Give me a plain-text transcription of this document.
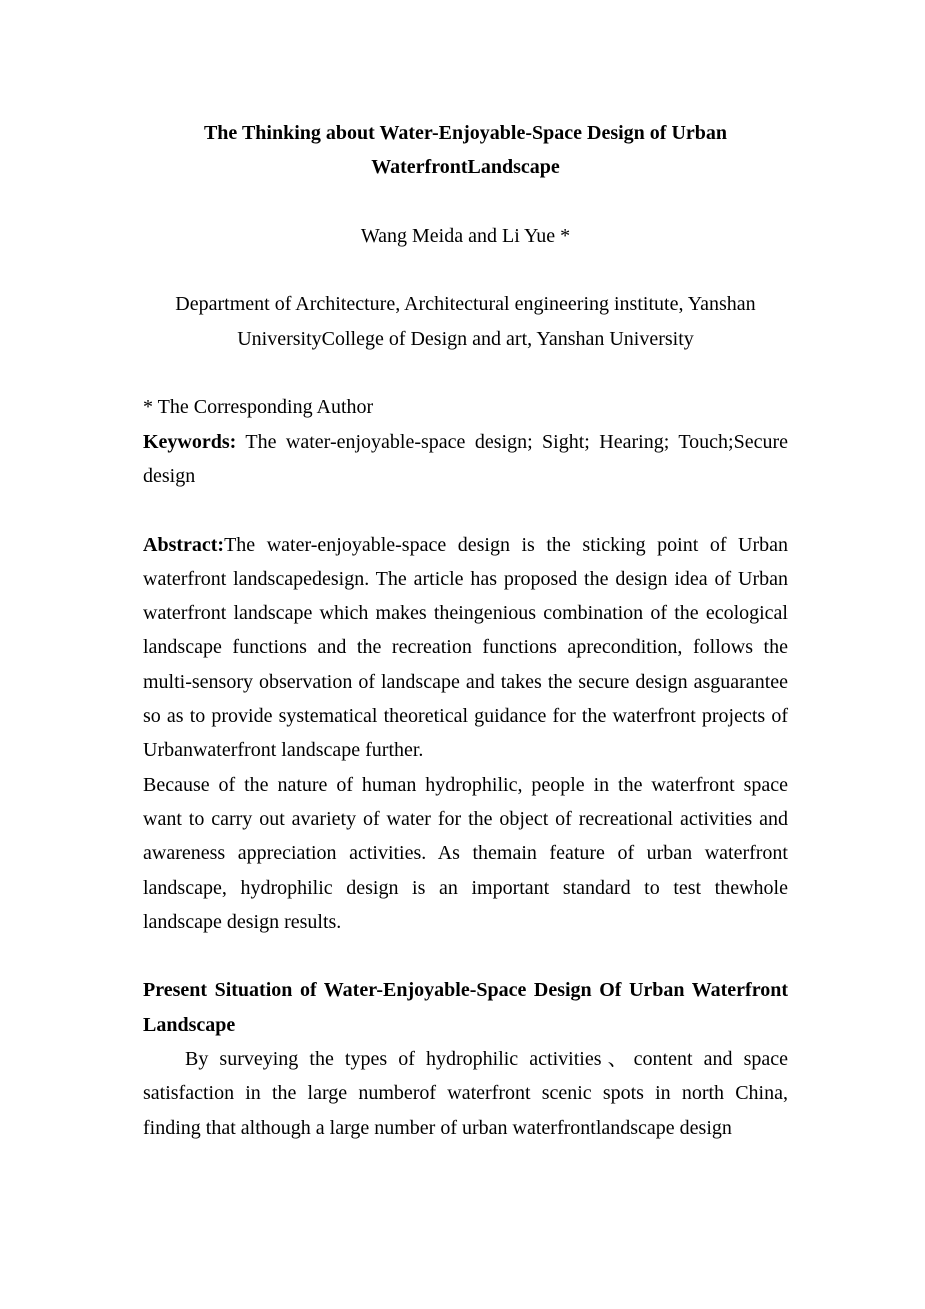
The Thinking about Water-Enjoyable-Space Design of Urban
WaterfrontLandscape

Wang Meida and Li Yue *

Department of Architecture, Architectural engineering institute, Yanshan
UniversityCollege of Design and art, Yanshan University

* The Corresponding Author

Keywords: The water-enjoyable-space design; Sight; Hearing; Touch;Secure design

Abstract:The water-enjoyable-space design is the sticking point of Urban waterfront landscapedesign. The article has proposed the design idea of Urban waterfront landscape which makes theingenious combination of the ecological landscape functions and the recreation functions aprecondition, follows the multi-sensory observation of landscape and takes the secure design asguarantee so as to provide systematical theoretical guidance for the waterfront projects of Urbanwaterfront landscape further.

Because of the nature of human hydrophilic, people in the waterfront space want to carry out avariety of water for the object of recreational activities and awareness appreciation activities. As themain feature of urban waterfront landscape, hydrophilic design is an important standard to test thewhole landscape design results.

Present Situation of Water-Enjoyable-Space Design Of Urban Waterfront Landscape

By surveying the types of hydrophilic activities、content and space satisfaction in the large numberof waterfront scenic spots in north China, finding that although a large number of urban waterfrontlandscape design
